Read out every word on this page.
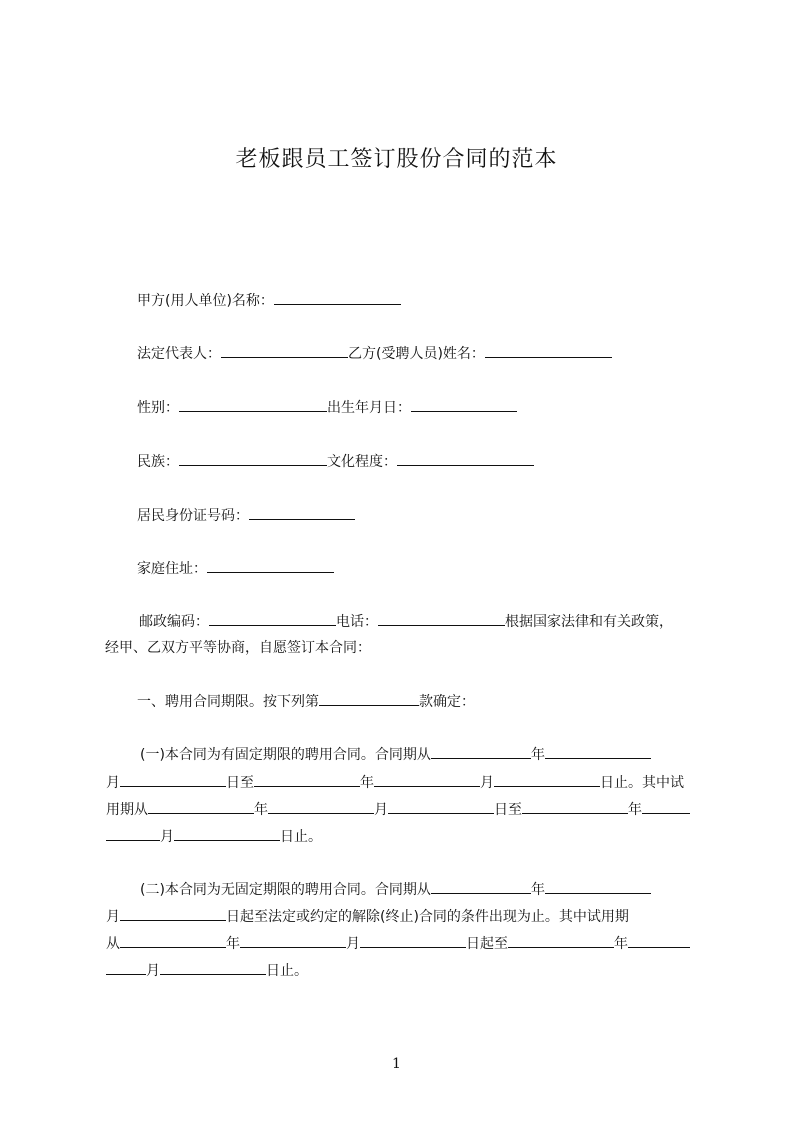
老板跟员工签订股份合同的范本
甲方(用人单位)名称：
法定代表人：	乙方(受聘人员)姓名：
性别：	出生年月日：
民族：	文化程度：
居民身份证号码：
家庭住址：
邮政编码：	电话：	根据国家法律和有关政策，
经甲、乙双方平等协商，自愿签订本合同：
一、聘用合同期限。按下列第	款确定：
(一)本合同为有固定期限的聘用合同。合同期从	年
月	日至	年	月	日止。其中试
用期从	年	月	日至	年
月	日止。
(二)本合同为无固定期限的聘用合同。合同期从	年
月	日起至法定或约定的解除(终止)合同的条件出现为止。其中试用期
从	年	月	日起至	年
月	日止。
1
